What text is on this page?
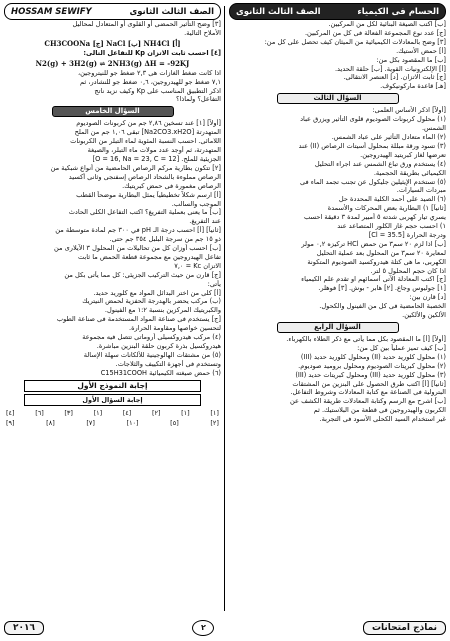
الحسام فى الكيمياء
الصف الثالث الثانوى
[ب] اكتب الصيغة البنائية لكل من المركبين.
[ج] عدد نوع المجموعة الفعالة فى كل من المركبين.
[٣] وضح بالمعادلات الكيميائية من الميثان كيف تحصل على كل من:
[أ] حمض الأستيك.
[ب] ما المقصود بكل من:
[أ] الإلكترونيات القوية. [ب] حلقة الحديد.
[ج] ثابت الاتزان. [د] العنصر الانتقالى.
[هـ] قاعدة ماركونيكوف.
السؤال الثالث
[أولاً] اذكر الأساس العلمى:
(١) محلول كربونات الصوديوم قلوى التأثير ويزرق عباد
الشمس.
(٢) الماء متعادل التأثير على عباد الشمس.
(٣) تسود ورقة مبللة بمحلول أسيتات الرصاص (II) عند
تعرضها لغاز كبريتيد الهيدروجين.
(٤) يستخدم ورق تباع الشمس عند اجراء التحليل
الكيميائى بطريقة الحجمية.
(٥) تستخدم الإيثيلين جليكول عن تجنب تجمد الماء فى
مبردات السيارات.
(٦) الصيد على أحمد الكلية المحددة حل
[ثانياً] ١) البطارية بعض المحركات والأسمدة
يسري تيار كهربى شدته ٥ أمبير لمدة ٣ دقيقة احسب
١) احسب حجم غاز الكلور المتصاعد عند
ودرجة الحرارة [Cl = 35.5]
[ب] اذا لزم ٢٠ سم٣ من حمض HCl تركيزه ٠,٢ مولر
لمعايرة ٢٠ سم٣ من المحلول بعد عملية التحليل
الكهربى، ما هى كتلة هيدروكسيد الصوديوم المتكونة
اذا كان حجم المحلول ٥ لتر.
[ج] اكتب المعادلة الآتى أسمائهم او تقدم علم الكيمياء
[١] جوليوس وجاع. [٢] هابر - بوش. [٣] فوهلر.
[د] قارن بين:
الخصبة الحامضية فى كل من الفينول والكحول.
الألكين والألكين.
السؤال الرابع
[أولاً] [أ] ما المقصود بكل مما يأتى مع ذكر الطلاء بالكهرباء.
[ب] كيف تميز عملياً بين كل من:
(١) محلول كلوريد حديد (II) ومحلول كلوريد حديد (III)
(٢) محلول كبريتات الصوديوم ومحلول بروميد صوديوم.
(٣) محلول كلوريد حديد (III) ومحلول كبريتات حديد (III)
[ثانياً] [أ] اكتب طرق الحصول على البنزين من المشتقات
البترولية فى الصناعة مع كتابة المعادلات وشروط التفاعل.
[ب] اشرح مع الرسم وكتابة المعادلات طريقة الكشف عن
الكربون والهيدروجين فى قطعة من البلاستيك. ثم
غير استخدام السيد الكحلى الأسود فى التجربة.
الصف الثالث الثانوى
HOSSAM SEWIFY
[٣] وضح التأثير الحمضى أو القلوى أو المتعادل لمحاليل
الأملاح التالية.
CH3COONa [ج] NaCl [ب] NH4Cl [أ]
[٤] احسب ثابت الاتزان Kp للتفاعل التالى:
N2(g) + 3H2(g) ⇌ 2NH3(g) ΔH = -92KJ
اذا كانت ضغط الغازات هى ٢,٣ ضغط جو للنيتروجين،
٧,١ ضغط جو للهيدروجين، ٠,٦ ضغط جو للنشادر، ثم
اذكر التطبيق المناسب على Kp وكيف نزيد ناتج
التفاعل؟ ولماذا؟
السؤال الخامس
[أولاً] [١] عند تسخين ٢,٨٦ جم من كربونات الصوديوم
المتهدرتة [Na2CO3.xH2O] تبقى ١,٠٦ جم من الملح
اللامائى. احسب النسبة المئوية لماء التبلر من الكربونات
المتهدرتة، ثم أوجد عدد مولات ماء التبلر، والصيغة
الجزيئية للملح. [O = 16, Na = 23, C = 12]
[٢] تتكون بطارية مركم الرصاص الحامضية من أنواع شبكية من
الرصاص مملوءة بالشحاد الرصاص إسفنجى وثانى أكسيد
الرصاص مغمورة فى حمض كبريتيك.
[أ] ارسم شكلاً تخطيطياً يمثل البطارية موضحاً القطب
الموجب والسالب.
[ب] ما يعنى بعملية التفريغ؟ اكتب التفاعل الكلى الحادث
عند التفريغ.
[ثانياً] [أ] احسب درجة الـ pH في ٣٠٠ جم لمادة متوسطة من
ذو ١٥ جم من سرجة البلبل ٣٥٤ جم حتى.
[ب] احسب أوزان كل من تحاليلات من المحلول ٣ الآيلارى من
تفاعل الهيدروجين مع مجموعة قطعة الحمض ما ثابت
الاتزان Kc = ٧,٠
[ج] قارن من حيث التركيب الجزيئى: كل مما يأتى بكل من
يأتى:
[أ] كلى من اختر البدائل المواد مع كلوريد حديد.
(ب) مركب يحضر بالهدرجة الحفزية لحمض النيتريك
والكبريتيك المركزين بنسبة ١:٢ مع الفينول.
[ج] يستخدم فى صناعة المواد المستخدمة فى صناعة الطوب
لتحسين خواصها ومقاومة الحرارة.
(٤) مركب هيدروكسيلى أروماتى تتصل فيه مجموعة
هيدروكسيل بذرة كربون حلقة البنزين مباشرة.
(٥) من مشتقات الهالوجينية للألكانات سهلة الإسالة
وتستخدم فى أجهزة التكييف والثلاجات.
(٦) حمض صيغته الكيميائية C15H31COOH
إجابة النموذج الأول
إجابة السؤال الأول
[٤]	[٦]	[٣]	[١]	[٤]	[٢]	[١]	[١]
[٩]	[٨]	[٧]	[١٠]	[٥]	[٢]
٢٠١٦	٢	نماذج امتحانات
